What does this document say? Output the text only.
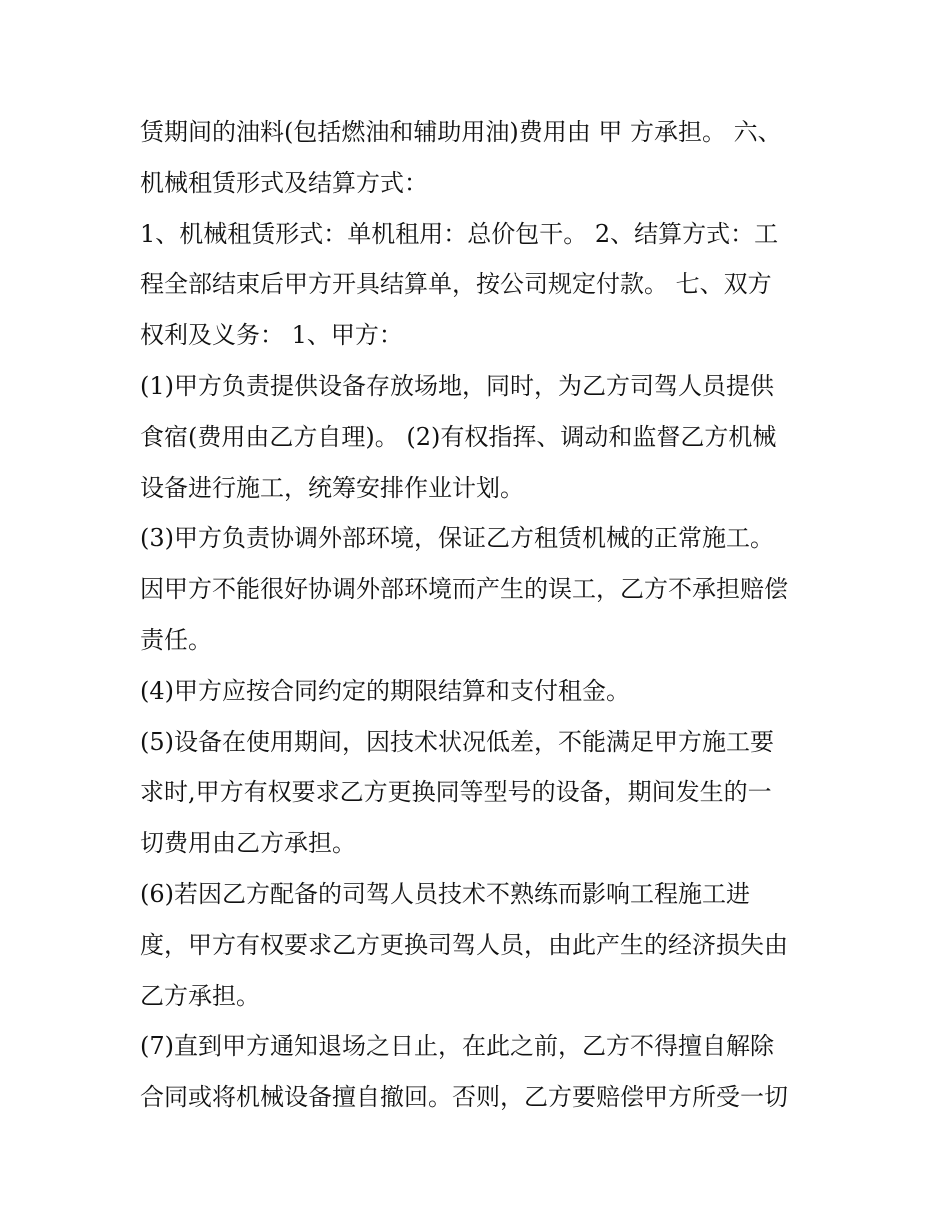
赁期间的油料(包括燃油和辅助用油)费用由 甲 方承担。 六、
机械租赁形式及结算方式：
1、机械租赁形式：单机租用：总价包干。 2、结算方式：工
程全部结束后甲方开具结算单，按公司规定付款。 七、双方
权利及义务： 1、甲方：
(1)甲方负责提供设备存放场地，同时，为乙方司驾人员提供
食宿(费用由乙方自理)。 (2)有权指挥、调动和监督乙方机械
设备进行施工，统筹安排作业计划。
(3)甲方负责协调外部环境，保证乙方租赁机械的正常施工。
因甲方不能很好协调外部环境而产生的误工，乙方不承担赔偿
责任。
(4)甲方应按合同约定的期限结算和支付租金。
(5)设备在使用期间，因技术状况低差，不能满足甲方施工要
求时,甲方有权要求乙方更换同等型号的设备，期间发生的一
切费用由乙方承担。
(6)若因乙方配备的司驾人员技术不熟练而影响工程施工进
度，甲方有权要求乙方更换司驾人员，由此产生的经济损失由
乙方承担。
(7)直到甲方通知退场之日止，在此之前，乙方不得擅自解除
合同或将机械设备擅自撤回。否则，乙方要赔偿甲方所受一切
